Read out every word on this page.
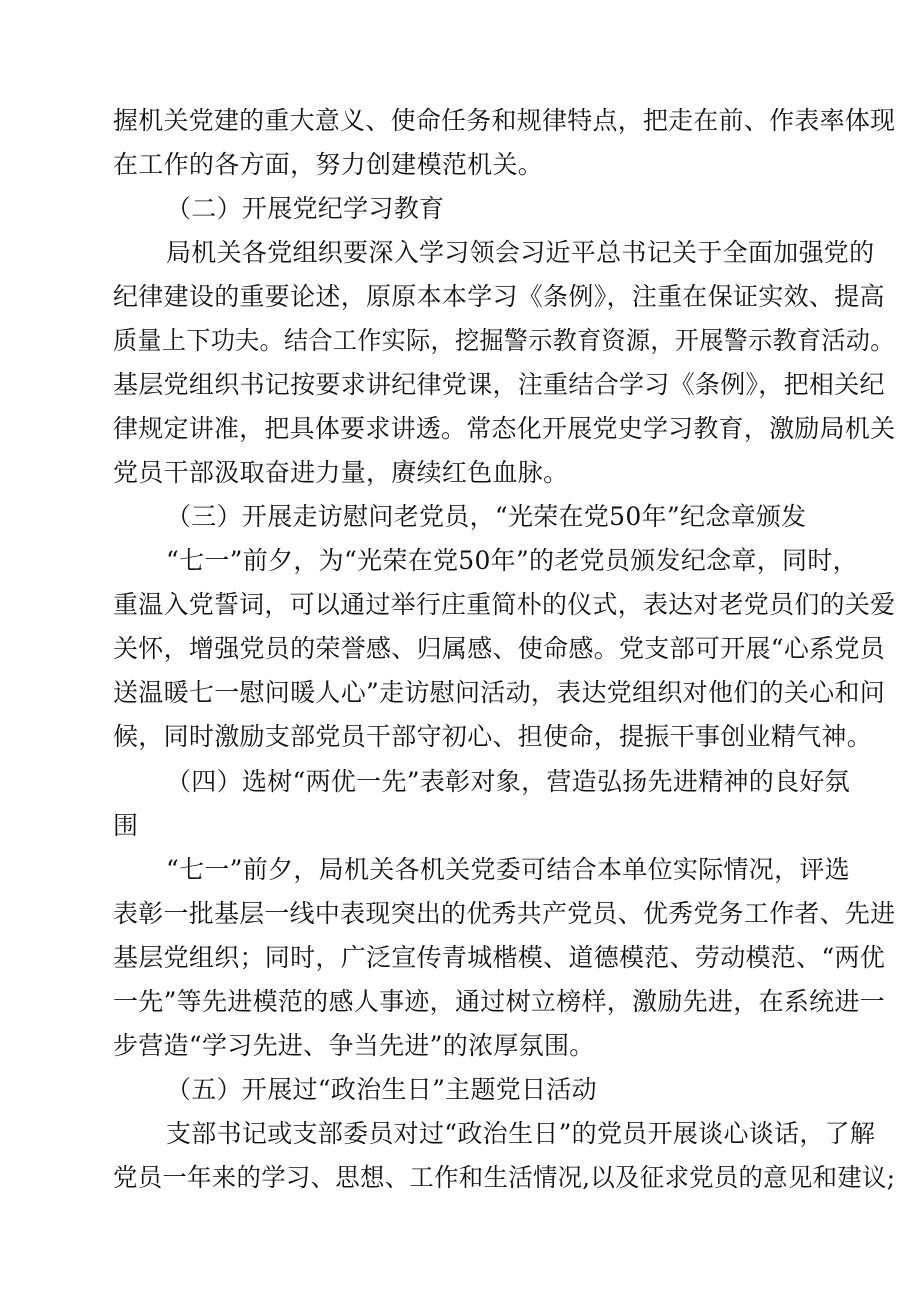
握机关党建的重大意义、使命任务和规律特点，把走在前、作表率体现
在工作的各方面，努力创建模范机关。
（二）开展党纪学习教育
局机关各党组织要深入学习领会习近平总书记关于全面加强党的
纪律建设的重要论述，原原本本学习《条例》，注重在保证实效、提高
质量上下功夫。结合工作实际，挖掘警示教育资源，开展警示教育活动。
基层党组织书记按要求讲纪律党课，注重结合学习《条例》，把相关纪
律规定讲准，把具体要求讲透。常态化开展党史学习教育，激励局机关
党员干部汲取奋进力量，赓续红色血脉。
（三）开展走访慰问老党员，“光荣在党50年”纪念章颁发
“七一”前夕，为“光荣在党50年”的老党员颁发纪念章，同时，
重温入党誓词，可以通过举行庄重简朴的仪式，表达对老党员们的关爱
关怀，增强党员的荣誉感、归属感、使命感。党支部可开展“心系党员
送温暖七一慰问暖人心”走访慰问活动，表达党组织对他们的关心和问
候，同时激励支部党员干部守初心、担使命，提振干事创业精气神。
（四）选树“两优一先”表彰对象，营造弘扬先进精神的良好氛
围
“七一”前夕，局机关各机关党委可结合本单位实际情况，评选
表彰一批基层一线中表现突出的优秀共产党员、优秀党务工作者、先进
基层党组织；同时，广泛宣传青城楷模、道德模范、劳动模范、“两优
一先”等先进模范的感人事迹，通过树立榜样，激励先进，在系统进一
步营造“学习先进、争当先进”的浓厚氛围。
（五）开展过“政治生日”主题党日活动
支部书记或支部委员对过“政治生日”的党员开展谈心谈话，了解
党员一年来的学习、思想、工作和生活情况,以及征求党员的意见和建议;
